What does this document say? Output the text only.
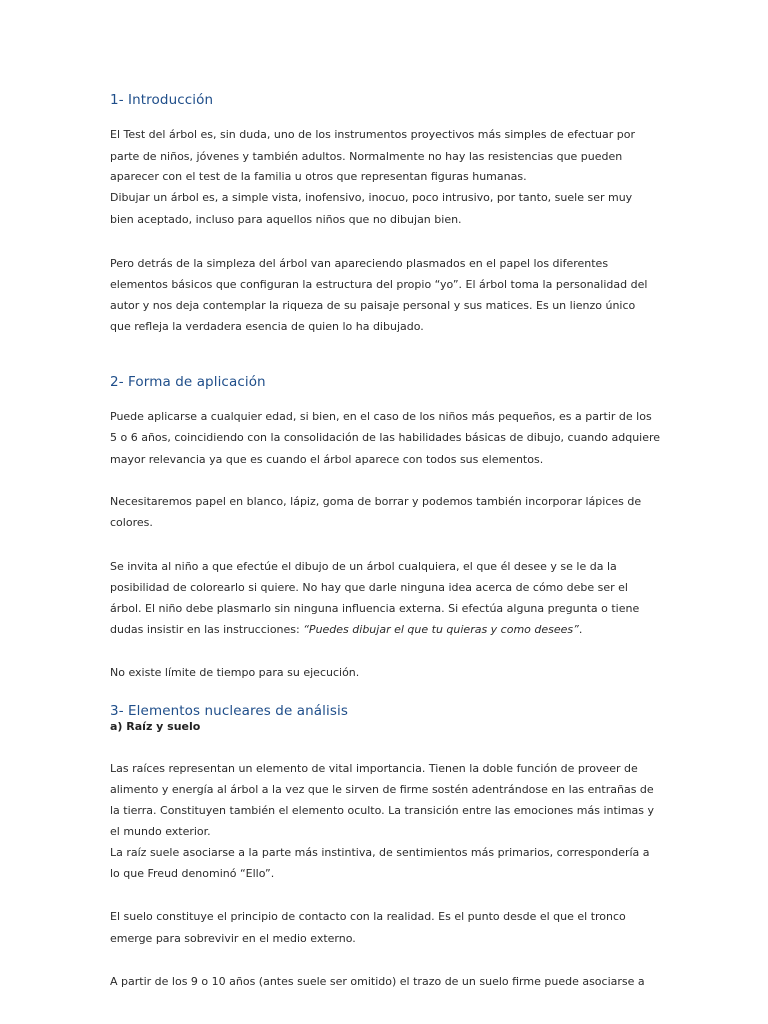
1- Introducción

El Test del árbol es, sin duda, uno de los instrumentos proyectivos más simples de efectuar por

parte de niños, jóvenes y también adultos. Normalmente no hay las resistencias que pueden

aparecer con el test de la familia u otros que representan figuras humanas.

Dibujar un árbol es, a simple vista, inofensivo, inocuo, poco intrusivo, por tanto, suele ser muy

bien aceptado, incluso para aquellos niños que no dibujan bien.

Pero detrás de la simpleza del árbol van apareciendo plasmados en el papel los diferentes

elementos básicos que configuran la estructura del propio “yo”. El árbol toma la personalidad del

autor y nos deja contemplar la riqueza de su paisaje personal y sus matices. Es un lienzo único

que refleja la verdadera esencia de quien lo ha dibujado.

2- Forma de aplicación

Puede aplicarse a cualquier edad, si bien, en el caso de los niños más pequeños, es a partir de los

5 o 6 años, coincidiendo con la consolidación de las habilidades básicas de dibujo, cuando adquiere

mayor relevancia ya que es cuando el árbol aparece con todos sus elementos.

Necesitaremos papel en blanco, lápiz, goma de borrar y podemos también incorporar lápices de

colores.

Se invita al niño a que efectúe el dibujo de un árbol cualquiera, el que él desee y se le da la

posibilidad de colorearlo si quiere. No hay que darle ninguna idea acerca de cómo debe ser el

árbol. El niño debe plasmarlo sin ninguna influencia externa. Si efectúa alguna pregunta o tiene

dudas insistir en las instrucciones: “Puedes dibujar el que tu quieras y como desees”.

No existe límite de tiempo para su ejecución.

3- Elementos nucleares de análisis
a) Raíz y suelo

Las raíces representan un elemento de vital importancia. Tienen la doble función de proveer de

alimento y energía al árbol a la vez que le sirven de firme sostén adentrándose en las entrañas de

la tierra. Constituyen también el elemento oculto. La transición entre las emociones más intimas y

el mundo exterior.

La raíz suele asociarse a la parte más instintiva, de sentimientos más primarios, correspondería a

lo que Freud denominó “Ello”.

El suelo constituye el principio de contacto con la realidad. Es el punto desde el que el tronco

emerge para sobrevivir en el medio externo.

A partir de los 9 o 10 años (antes suele ser omitido) el trazo de un suelo firme puede asociarse a
